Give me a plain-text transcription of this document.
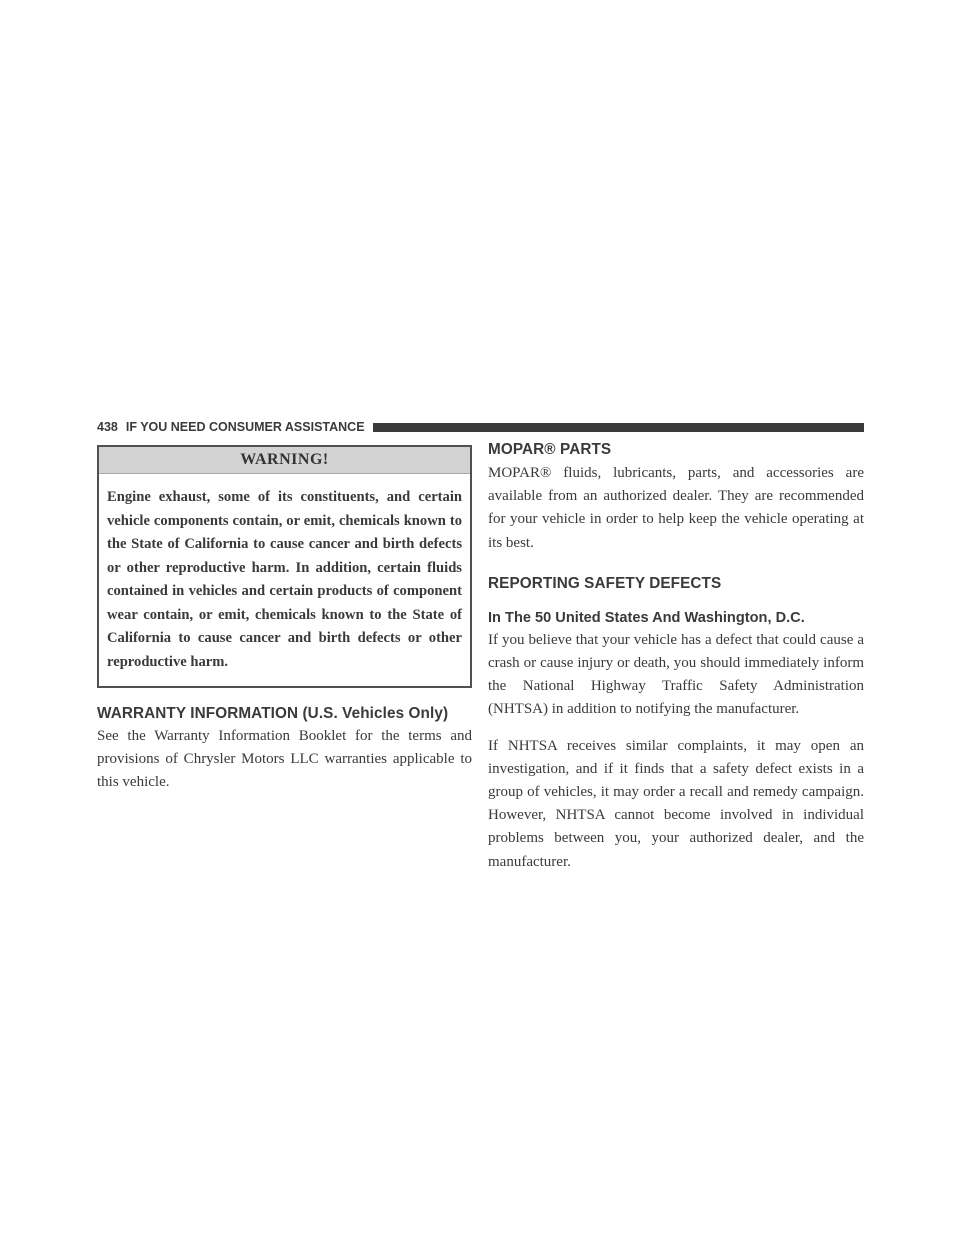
438 IF YOU NEED CONSUMER ASSISTANCE
WARNING!
Engine exhaust, some of its constituents, and certain vehicle components contain, or emit, chemicals known to the State of California to cause cancer and birth defects or other reproductive harm. In addition, certain fluids contained in vehicles and certain products of component wear contain, or emit, chemicals known to the State of California to cause cancer and birth defects or other reproductive harm.
WARRANTY INFORMATION (U.S. Vehicles Only)

See the Warranty Information Booklet for the terms and provisions of Chrysler Motors LLC warranties applicable to this vehicle.

MOPAR® PARTS

MOPAR® fluids, lubricants, parts, and accessories are available from an authorized dealer. They are recommended for your vehicle in order to help keep the vehicle operating at its best.

REPORTING SAFETY DEFECTS
In The 50 United States And Washington, D.C.

If you believe that your vehicle has a defect that could cause a crash or cause injury or death, you should immediately inform the National Highway Traffic Safety Administration (NHTSA) in addition to notifying the manufacturer.

If NHTSA receives similar complaints, it may open an investigation, and if it finds that a safety defect exists in a group of vehicles, it may order a recall and remedy campaign. However, NHTSA cannot become involved in individual problems between you, your authorized dealer, and the manufacturer.
